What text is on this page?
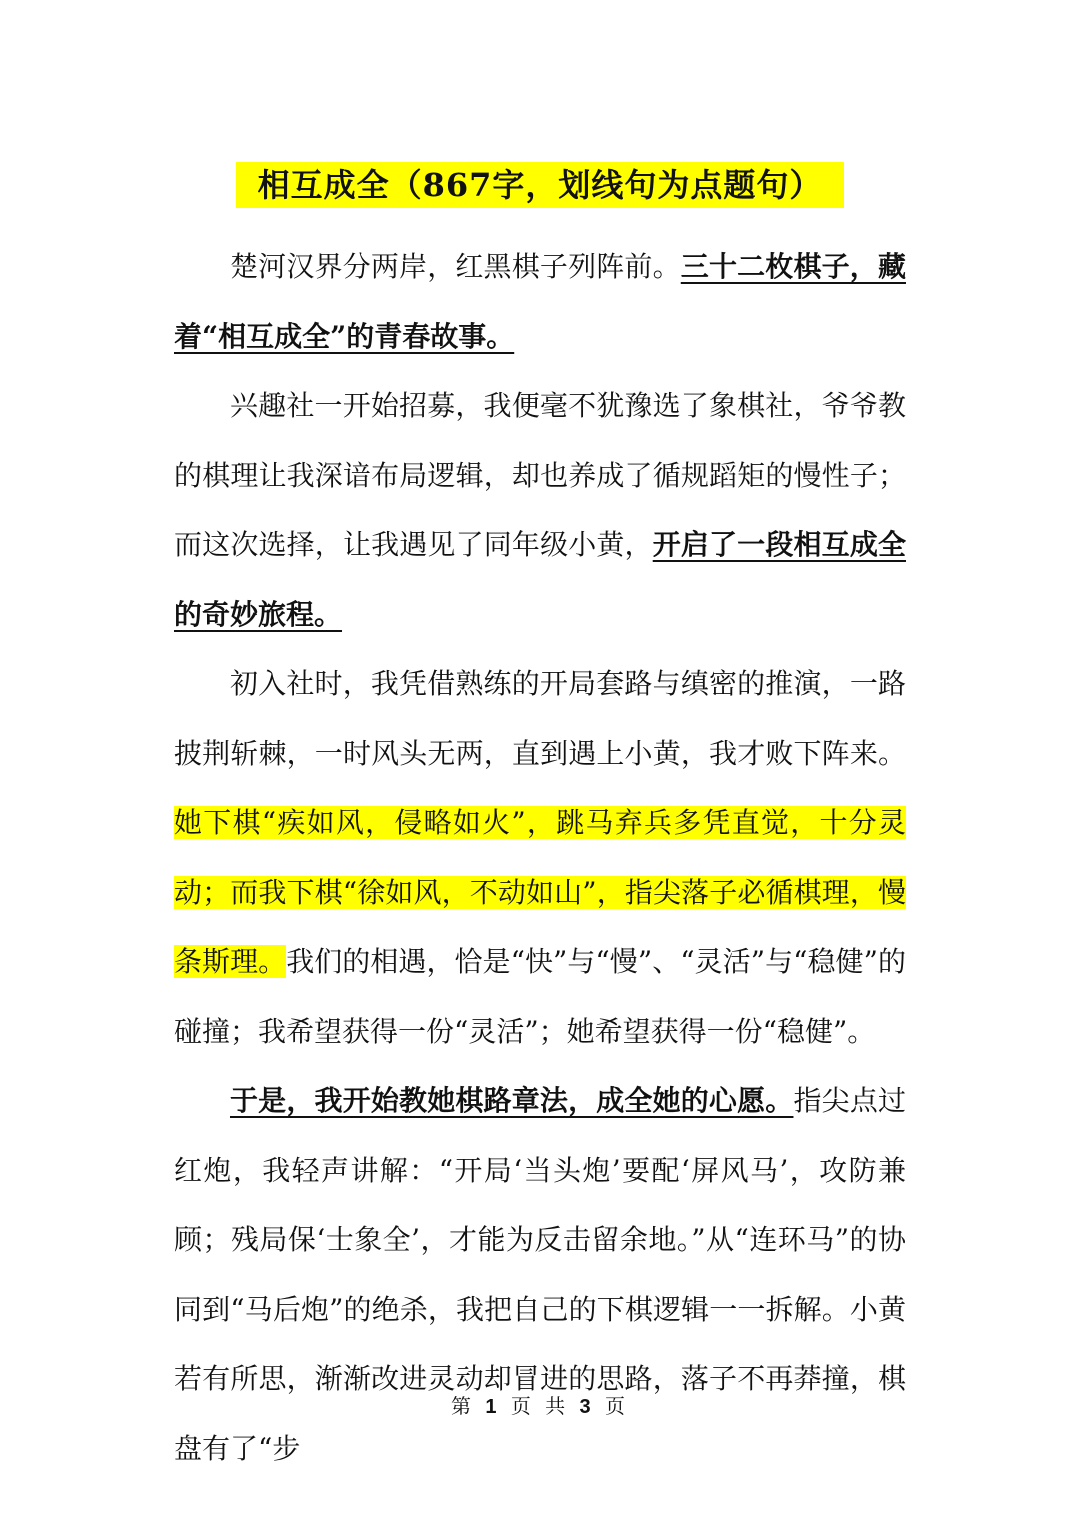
相互成全（867字，划线句为点题句）

楚河汉界分两岸，红黑棋子列阵前。三十二枚棋子，藏着“相互成全”的青春故事。

兴趣社一开始招募，我便毫不犹豫选了象棋社，爷爷教的棋理让我深谙布局逻辑，却也养成了循规蹈矩的慢性子；而这次选择，让我遇见了同年级小黄，开启了一段相互成全的奇妙旅程。

初入社时，我凭借熟练的开局套路与缜密的推演，一路披荆斩棘，一时风头无两，直到遇上小黄，我才败下阵来。她下棋“疾如风，侵略如火”，跳马弃兵多凭直觉，十分灵动；而我下棋“徐如风，不动如山”，指尖落子必循棋理，慢条斯理。我们的相遇，恰是“快”与“慢”、“灵活”与“稳健”的碰撞；我希望获得一份“灵活”；她希望获得一份“稳健”。

于是，我开始教她棋路章法，成全她的心愿。指尖点过红炮，我轻声讲解：“开局‘当头炮’要配‘屏风马’，攻防兼顾；残局保‘士象全’，才能为反击留余地。”从“连环马”的协同到“马后炮”的绝杀，我把自己的下棋逻辑一一拆解。小黄若有所思，渐渐改进灵动却冒进的思路，落子不再莽撞，棋盘有了“步

第 1 页 共 3 页
